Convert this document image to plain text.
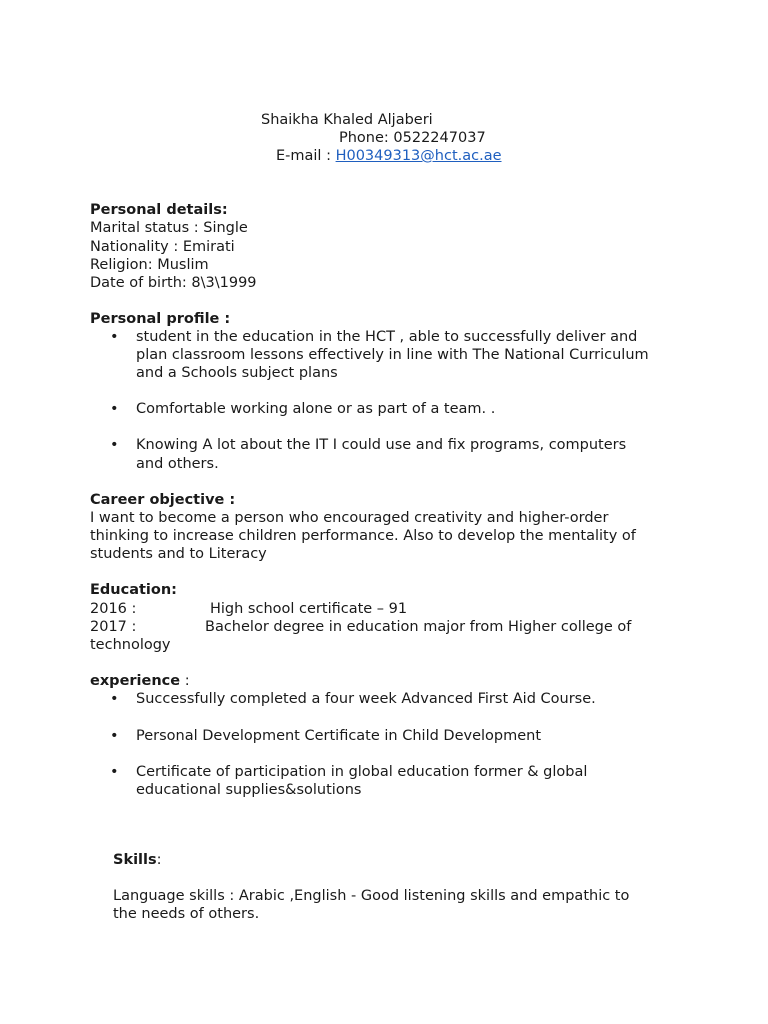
Shaikha Khaled Aljaberi
Phone: 0522247037
E-mail : H00349313@hct.ac.ae
Personal details:
Marital status : Single
Nationality : Emirati
Religion: Muslim
Date of birth: 8\3\1999
Personal profile :
• student in the education in the HCT , able to successfully deliver and
plan classroom lessons effectively in line with The National Curriculum
and a Schools subject plans
• Comfortable working alone or as part of a team. .
• Knowing A lot about the IT I could use and fix programs, computers
and others.
Career objective :
I want to become a person who encouraged creativity and higher-order
thinking to increase children performance. Also to develop the mentality of
students and to Literacy
Education:
2016 :	High school certificate – 91
2017 :	Bachelor degree in education major from Higher college of
technology
experience :
• Successfully completed a four week Advanced First Aid Course.
• Personal Development Certificate in Child Development
• Certificate of participation in global education former & global
educational supplies&solutions
Skills:
Language skills : Arabic ,English - Good listening skills and empathic to
the needs of others.
